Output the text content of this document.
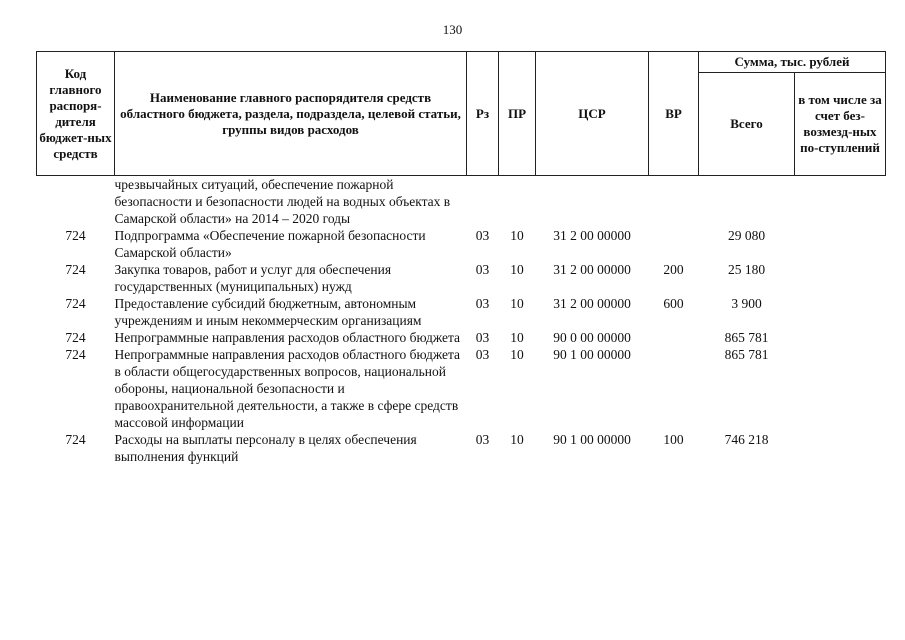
130
Код главного распоря-дителя бюджет-ных средств	Наименование главного распорядителя средств областного бюджета, раздела, подраздела, целевой статьи, группы видов расходов	Рз	ПР	ЦСР	ВР	Сумма, тыс. рублей	
						Всего	в том числе за счет без-возмезд-ных по-ступлений
	чрезвычайных ситуаций, обеспечение пожарной безопасности и безопасности людей на водных объектах в Самарской области» на 2014 – 2020 годы						
724	Подпрограмма «Обеспечение пожарной безопасности Самарской области»	03	10	31 2 00 00000		29 080	
724	Закупка товаров, работ и услуг для обеспечения государственных (муниципальных) нужд	03	10	31 2 00 00000	200	25 180	
724	Предоставление субсидий бюджетным, автономным учреждениям и иным некоммерческим организациям	03	10	31 2 00 00000	600	3 900	
724	Непрограммные направления расходов областного бюджета	03	10	90 0 00 00000		865 781	
724	Непрограммные направления расходов областного бюджета в области общегосударственных вопросов, национальной обороны, национальной безопасности и правоохранительной деятельности, а также в сфере средств массовой информации	03	10	90 1 00 00000		865 781	
724	Расходы на выплаты персоналу в целях обеспечения выполнения функций	03	10	90 1 00 00000	100	746 218	
